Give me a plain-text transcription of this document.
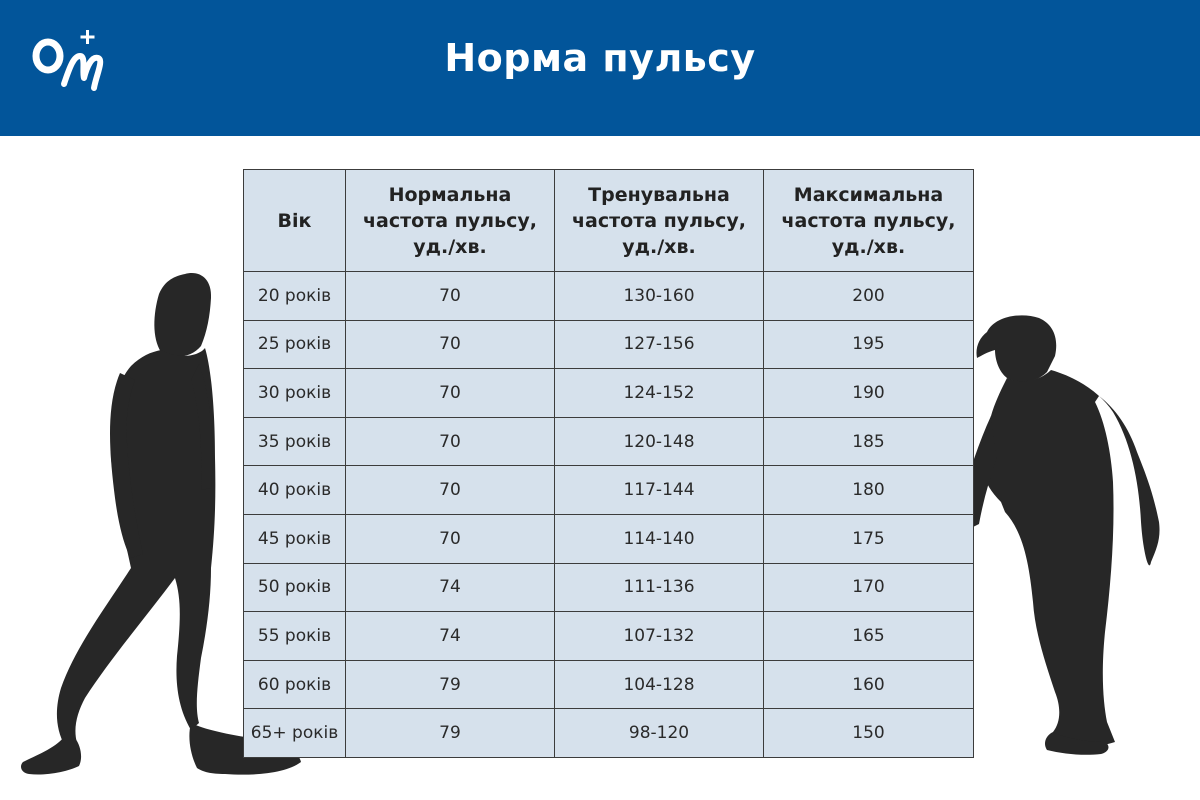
Норма пульсу
Вік	Нормальна частота пульсу, уд./хв.	Тренувальна частота пульсу, уд./хв.	Максимальна частота пульсу, уд./хв.
20 років	70	130-160	200
25 років	70	127-156	195
30 років	70	124-152	190
35 років	70	120-148	185
40 років	70	117-144	180
45 років	70	114-140	175
50 років	74	111-136	170
55 років	74	107-132	165
60 років	79	104-128	160
65+ років	79	98-120	150
